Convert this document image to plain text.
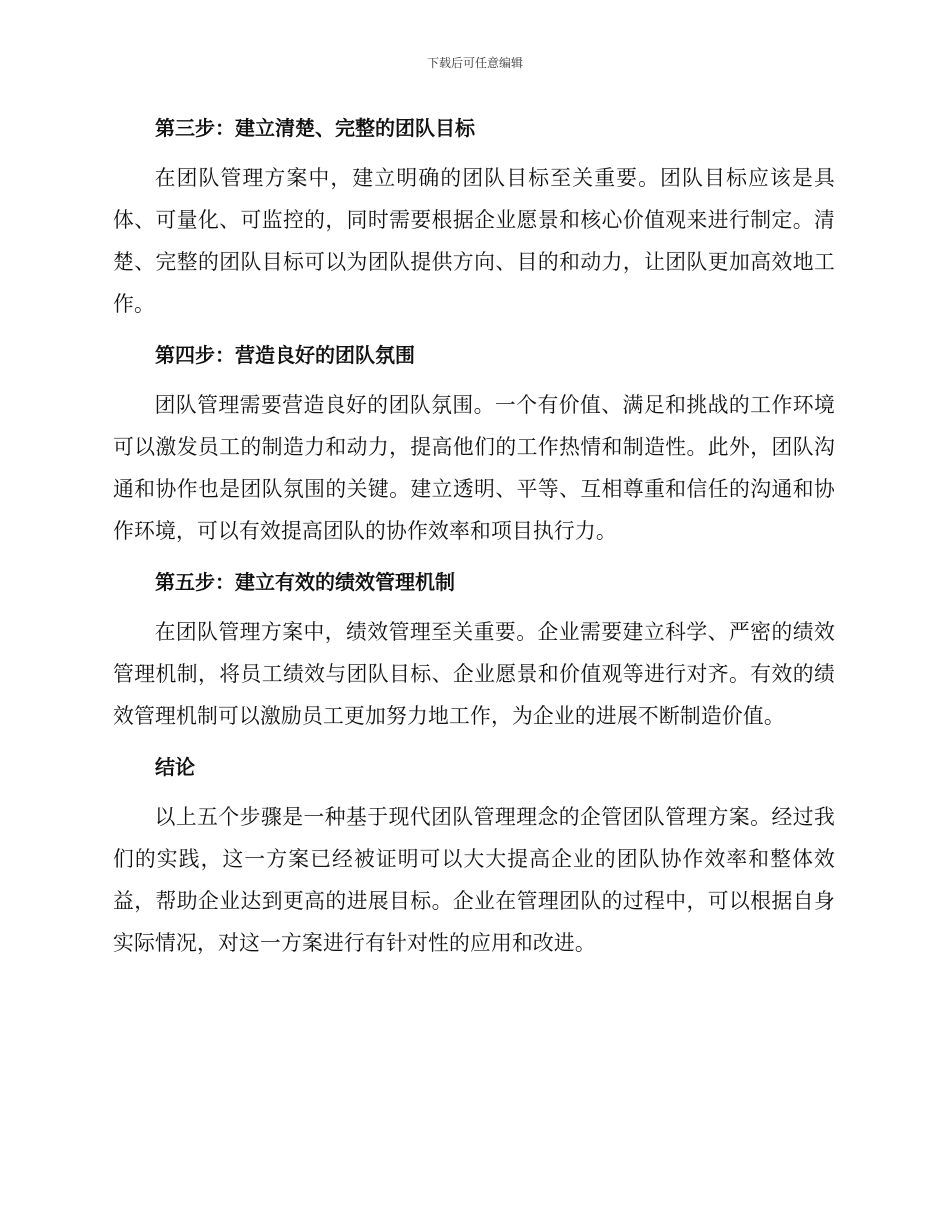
下载后可任意编辑
第三步：建立清楚、完整的团队目标

在团队管理方案中，建立明确的团队目标至关重要。团队目标应该是具体、可量化、可监控的，同时需要根据企业愿景和核心价值观来进行制定。清楚、完整的团队目标可以为团队提供方向、目的和动力，让团队更加高效地工作。

第四步：营造良好的团队氛围

团队管理需要营造良好的团队氛围。一个有价值、满足和挑战的工作环境可以激发员工的制造力和动力，提高他们的工作热情和制造性。此外，团队沟通和协作也是团队氛围的关键。建立透明、平等、互相尊重和信任的沟通和协作环境，可以有效提高团队的协作效率和项目执行力。

第五步：建立有效的绩效管理机制

在团队管理方案中，绩效管理至关重要。企业需要建立科学、严密的绩效管理机制，将员工绩效与团队目标、企业愿景和价值观等进行对齐。有效的绩效管理机制可以激励员工更加努力地工作，为企业的进展不断制造价值。

结论

以上五个步骤是一种基于现代团队管理理念的企管团队管理方案。经过我们的实践，这一方案已经被证明可以大大提高企业的团队协作效率和整体效益，帮助企业达到更高的进展目标。企业在管理团队的过程中，可以根据自身实际情况，对这一方案进行有针对性的应用和改进。
